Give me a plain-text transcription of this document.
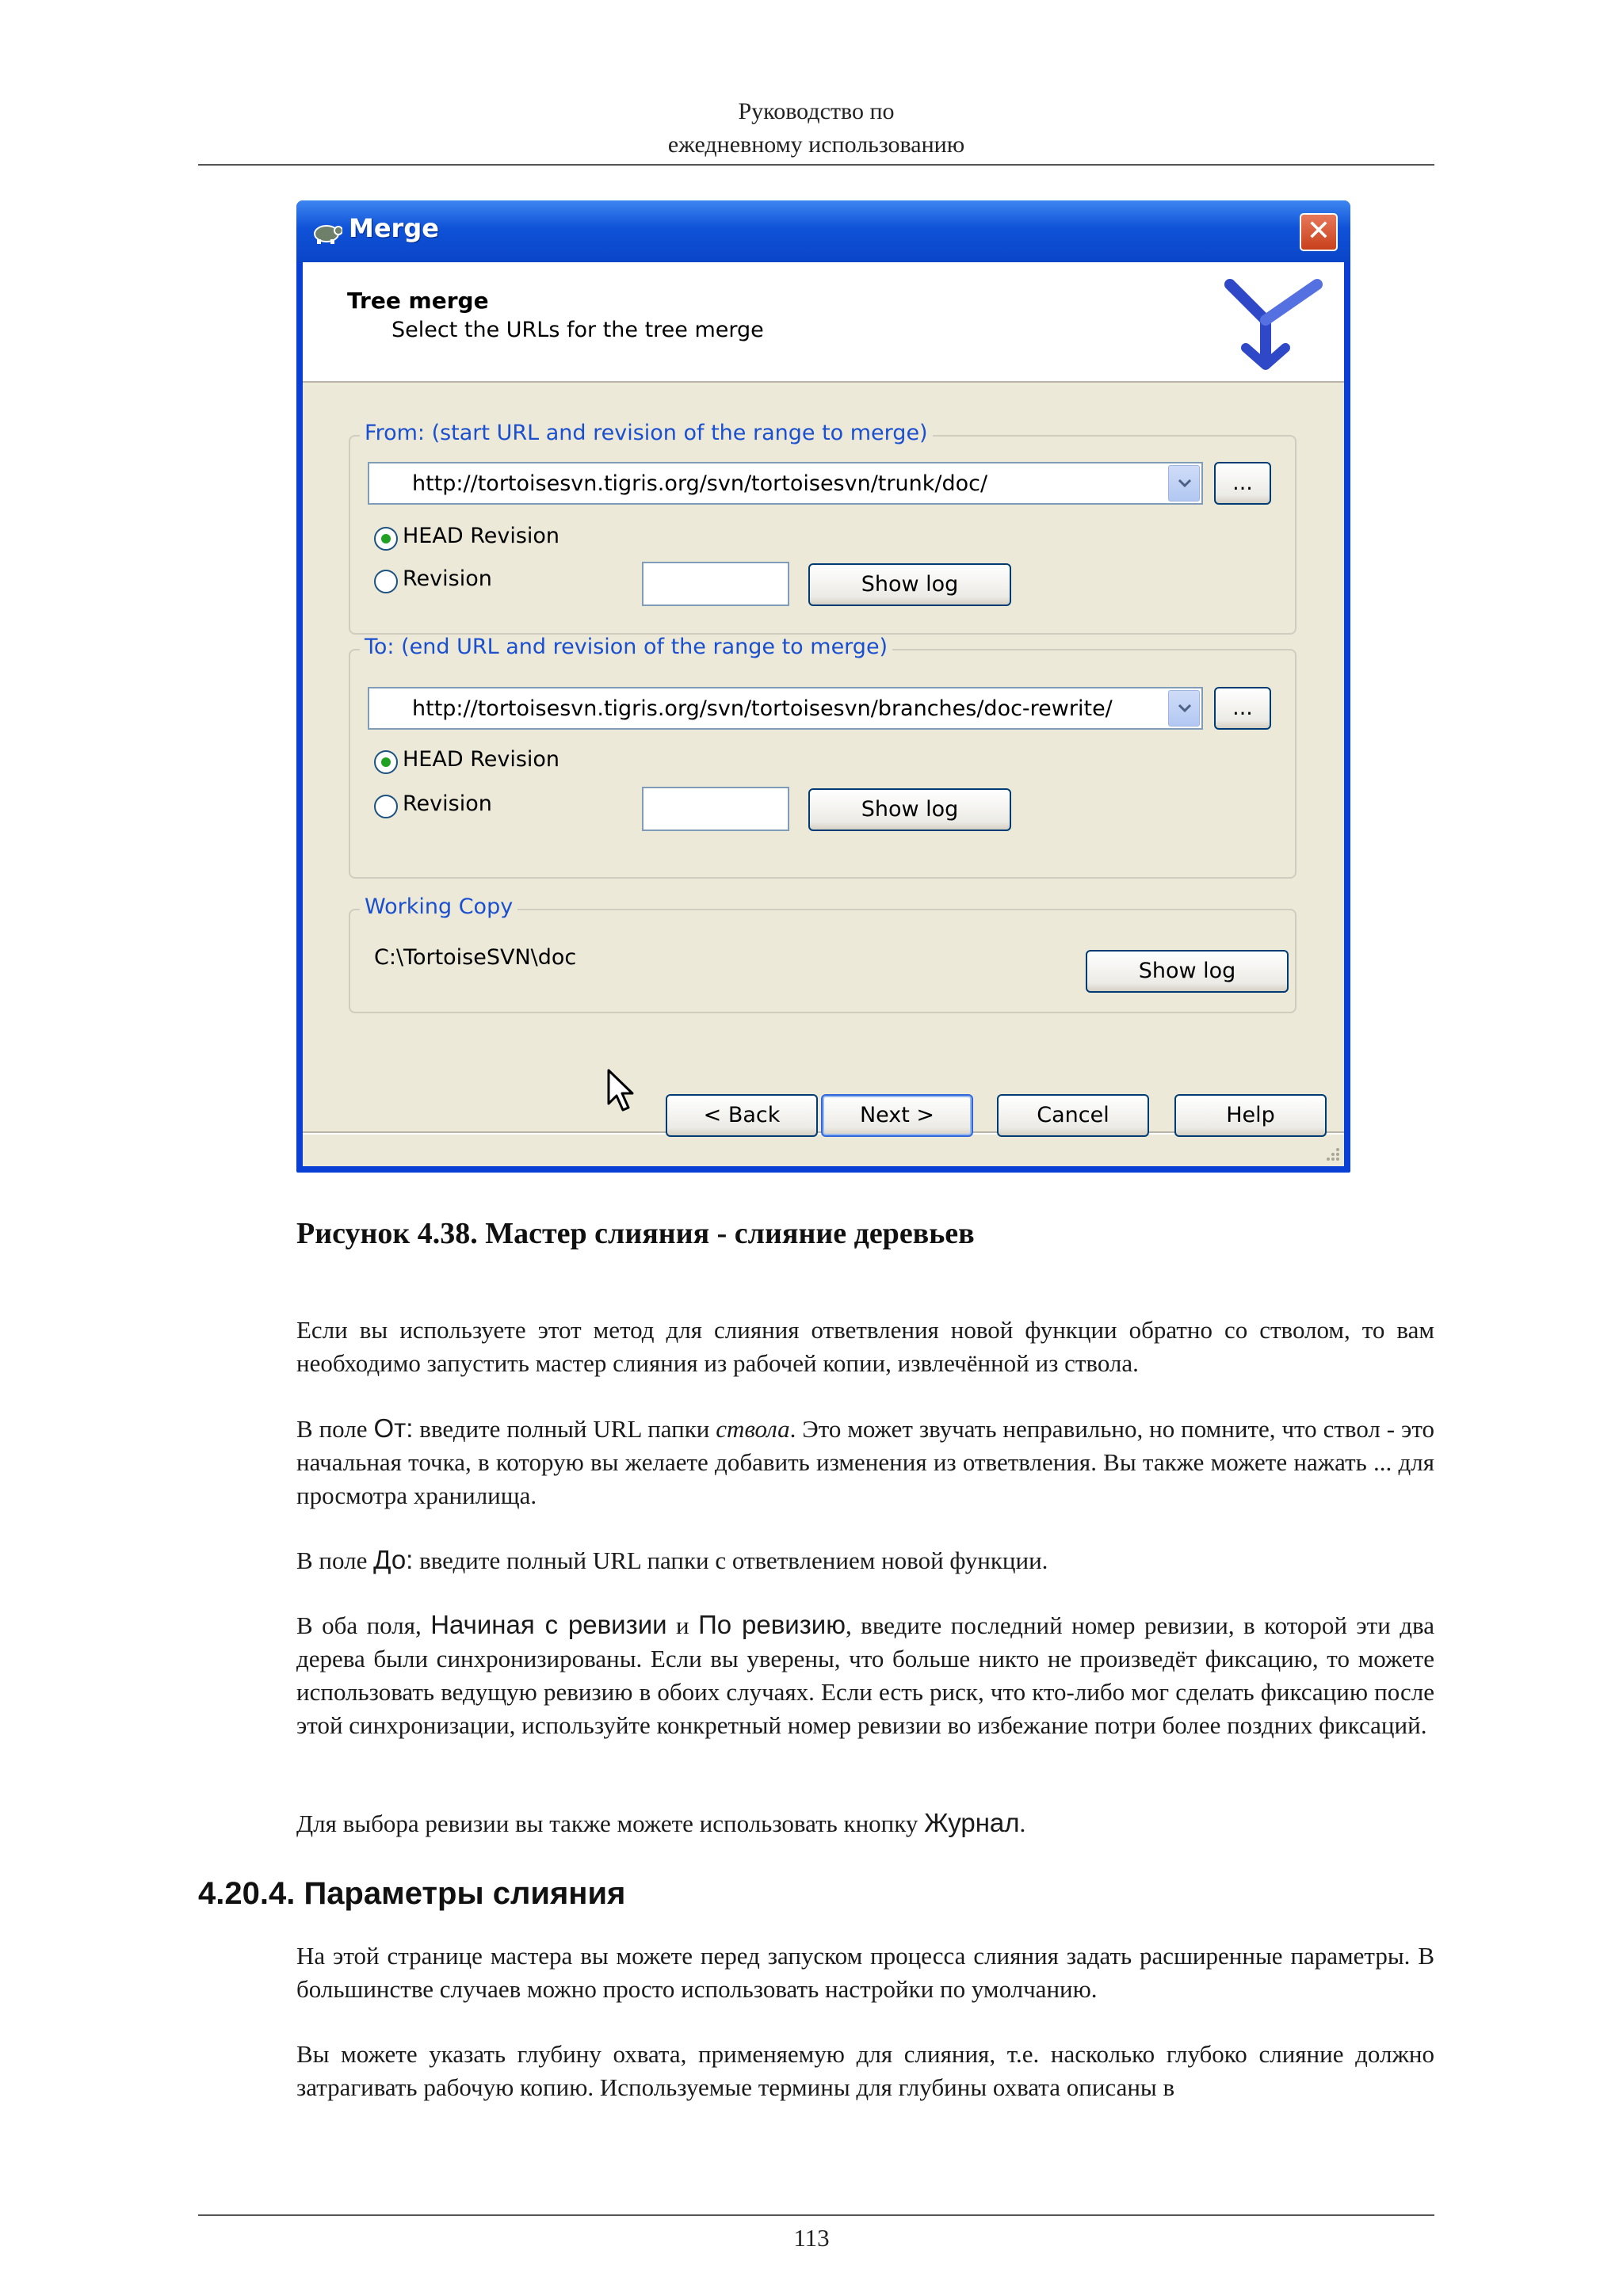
Руководство по
ежедневному использованию
Merge	✕
Tree merge
Select the URLs for the tree merge
From: (start URL and revision of the range to merge)
http://tortoisesvn.tigris.org/svn/tortoisesvn/trunk/doc/	...
HEAD Revision
Revision	Show log
To: (end URL and revision of the range to merge)
http://tortoisesvn.tigris.org/svn/tortoisesvn/branches/doc-rewrite/	...
HEAD Revision
Revision	Show log
Working Copy
C:\TortoiseSVN\doc
Show log
< Back	Next >	Cancel	Help
Рисунок 4.38. Мастер слияния - слияние деревьев
Если вы используете этот метод для слияния ответвления новой функции обратно со стволом, то вам необходимо запустить мастер слияния из рабочей копии, извлечённой из ствола.
В поле От: введите полный URL папки ствола. Это может звучать неправильно, но помните, что ствол - это начальная точка, в которую вы желаете добавить изменения из ответвления. Вы также можете нажать ... для просмотра хранилища.
В поле До: введите полный URL папки с ответвлением новой функции.
В оба поля, Начиная с ревизии и По ревизию, введите последний номер ревизии, в которой эти два дерева были синхронизированы. Если вы уверены, что больше никто не произведёт фиксацию, то можете использовать ведущую ревизию в обоих случаях. Если есть риск, что кто-либо мог сделать фиксацию после этой синхронизации, используйте конкретный номер ревизии во избежание потри более поздних фиксаций.
Для выбора ревизии вы также можете использовать кнопку Журнал.
4.20.4. Параметры слияния
На этой странице мастера вы можете перед запуском процесса слияния задать расширенные параметры. В большинстве случаев можно просто использовать настройки по умолчанию.
Вы можете указать глубину охвата, применяемую для слияния, т.е. насколько глубоко слияние должно затрагивать рабочую копию. Используемые термины для глубины охвата описаны в
113
